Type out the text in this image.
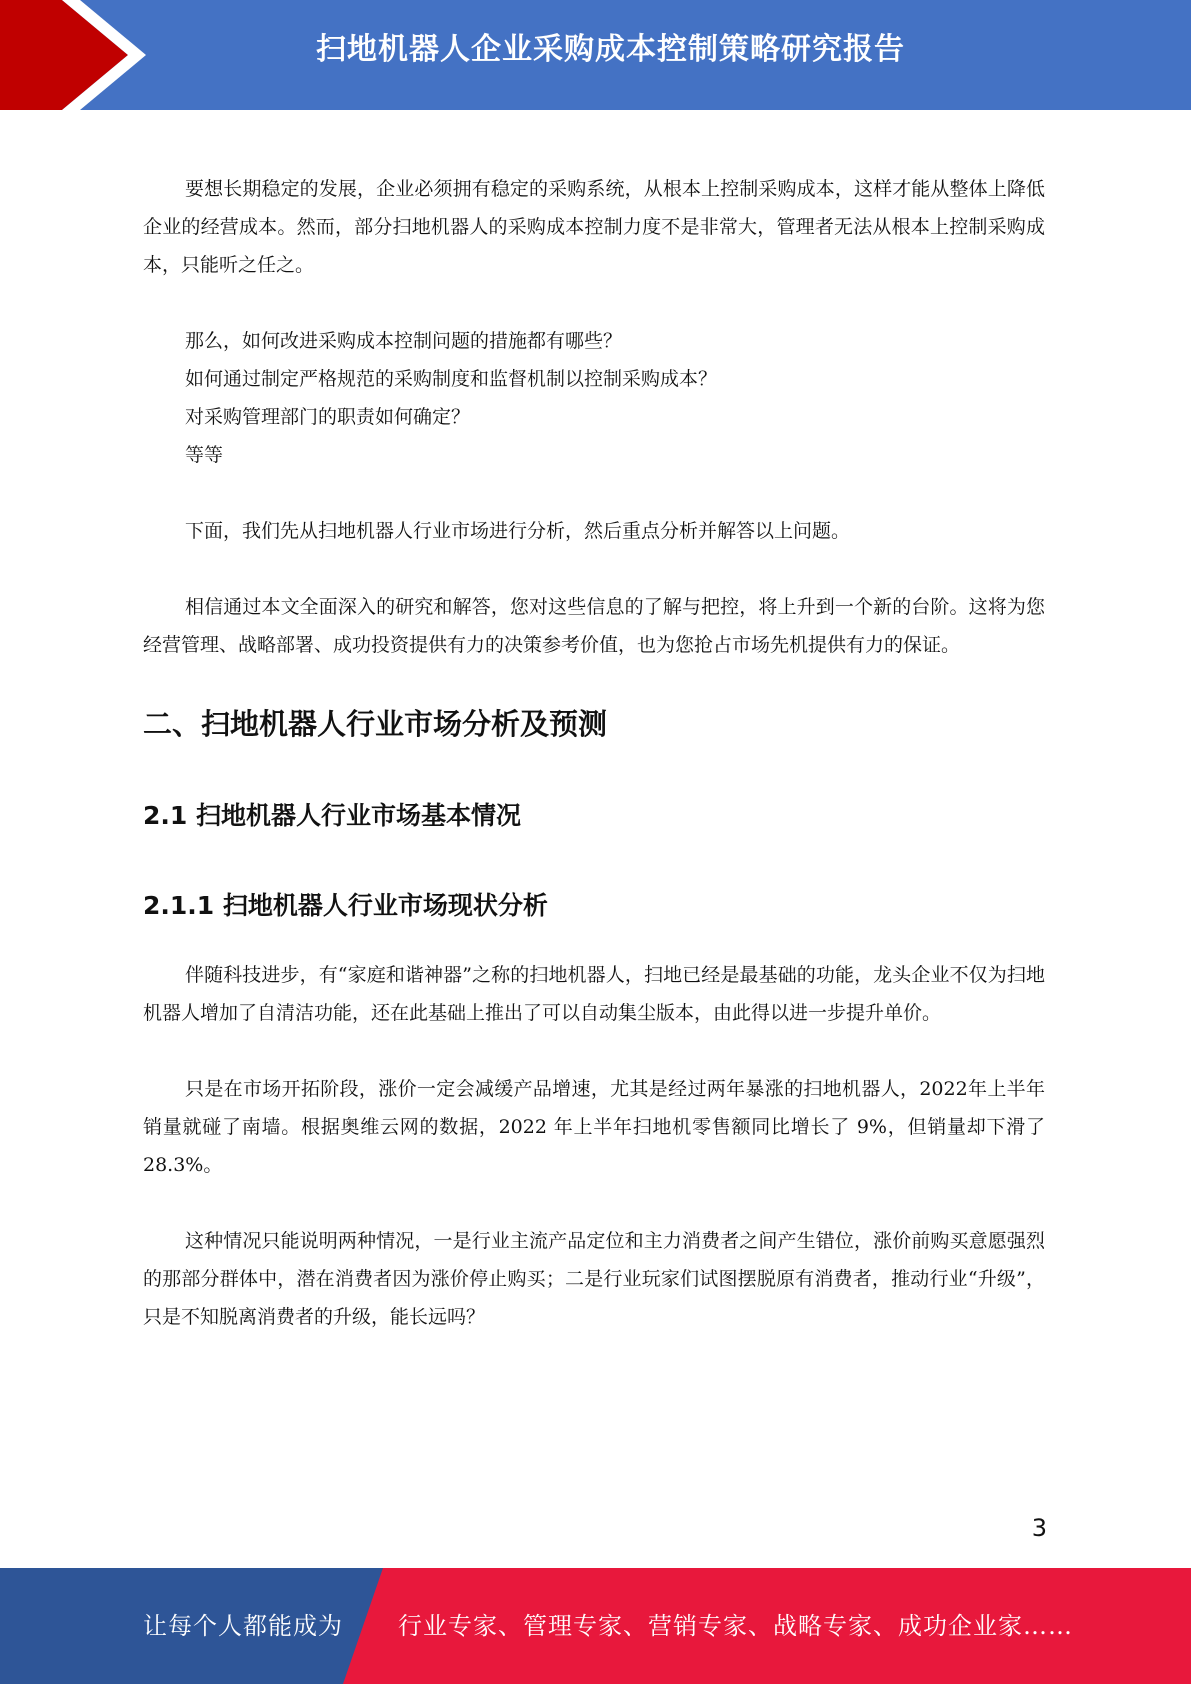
扫地机器人企业采购成本控制策略研究报告

要想长期稳定的发展，企业必须拥有稳定的采购系统，从根本上控制采购成本，这样才能从整体上降低企业的经营成本。然而，部分扫地机器人的采购成本控制力度不是非常大，管理者无法从根本上控制采购成本，只能听之任之。

那么，如何改进采购成本控制问题的措施都有哪些？

如何通过制定严格规范的采购制度和监督机制以控制采购成本？

对采购管理部门的职责如何确定？

等等

下面，我们先从扫地机器人行业市场进行分析，然后重点分析并解答以上问题。

相信通过本文全面深入的研究和解答，您对这些信息的了解与把控，将上升到一个新的台阶。这将为您经营管理、战略部署、成功投资提供有力的决策参考价值，也为您抢占市场先机提供有力的保证。

二、扫地机器人行业市场分析及预测
2.1 扫地机器人行业市场基本情况
2.1.1 扫地机器人行业市场现状分析

伴随科技进步，有“家庭和谐神器”之称的扫地机器人，扫地已经是最基础的功能，龙头企业不仅为扫地机器人增加了自清洁功能，还在此基础上推出了可以自动集尘版本，由此得以进一步提升单价。

只是在市场开拓阶段，涨价一定会减缓产品增速，尤其是经过两年暴涨的扫地机器人，2022年上半年销量就碰了南墙。根据奥维云网的数据，2022 年上半年扫地机零售额同比增长了 9%，但销量却下滑了 28.3%。

这种情况只能说明两种情况，一是行业主流产品定位和主力消费者之间产生错位，涨价前购买意愿强烈的那部分群体中，潜在消费者因为涨价停止购买；二是行业玩家们试图摆脱原有消费者，推动行业“升级”，只是不知脱离消费者的升级，能长远吗？

3
让每个人都能成为 行业专家、管理专家、营销专家、战略专家、成功企业家……
